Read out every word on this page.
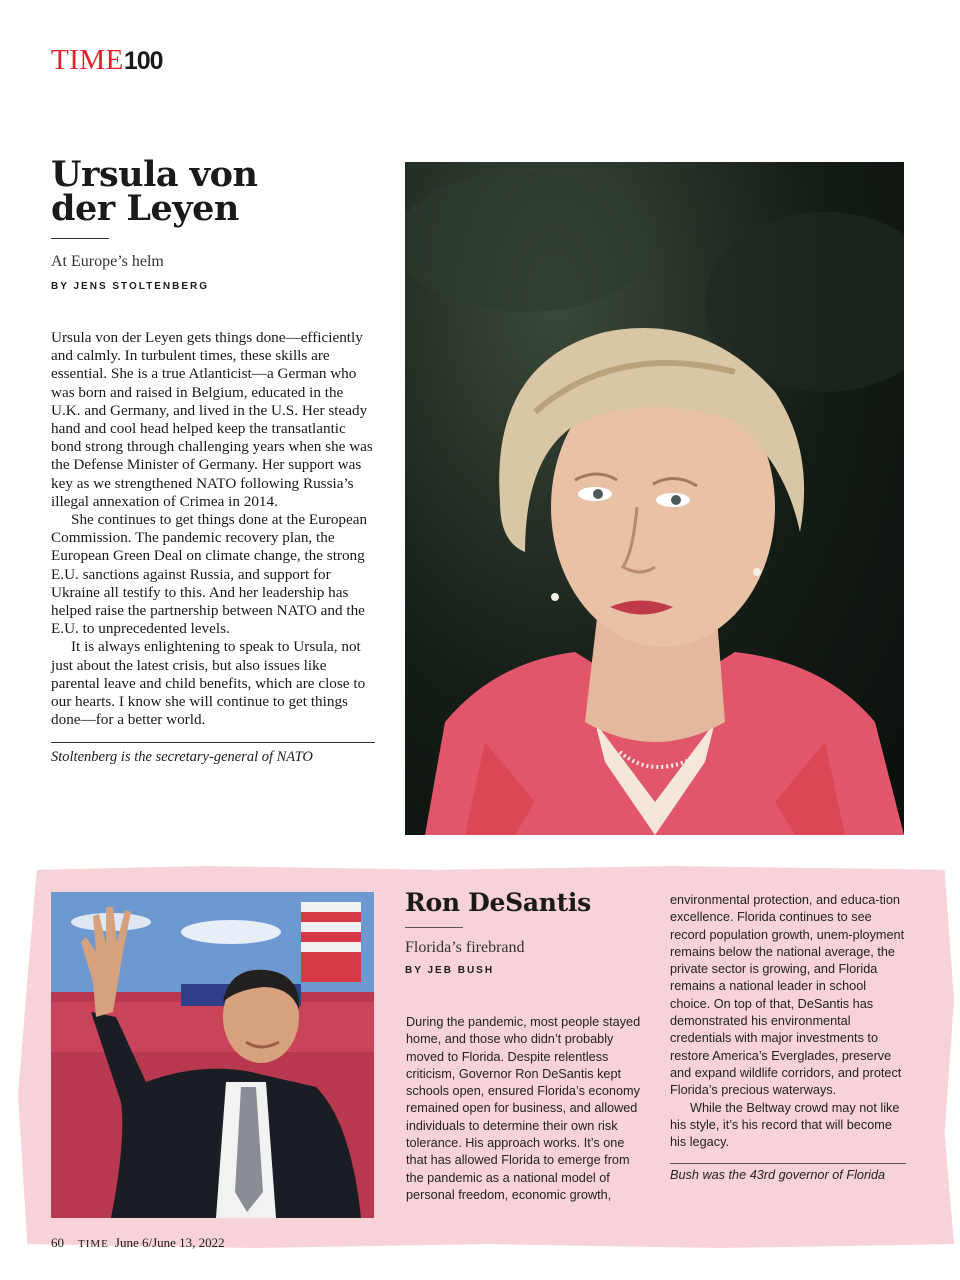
TIME 100
Ursula von
der Leyen
At Europe’s helm
BY JENS STOLTENBERG

Ursula von der Leyen gets things done—efficiently and calmly. In turbulent times, these skills are essential. She is a true Atlanticist—a German who was born and raised in Belgium, educated in the U.K. and Germany, and lived in the U.S. Her steady hand and cool head helped keep the transatlantic bond strong through challenging years when she was the Defense Minister of Germany. Her support was key as we strengthened NATO following Russia’s illegal annexation of Crimea in 2014.

She continues to get things done at the European Commission. The pandemic recovery plan, the European Green Deal on climate change, the strong E.U. sanctions against Russia, and support for Ukraine all testify to this. And her leadership has helped raise the partnership between NATO and the E.U. to unprecedented levels.

It is always enlightening to speak to Ursula, not just about the latest crisis, but also issues like parental leave and child benefits, which are close to our hearts. I know she will continue to get things done—for a better world.

Stoltenberg is the secretary-general of NATO
Ron DeSantis
Florida’s firebrand
BY JEB BUSH

During the pandemic, most people stayed home, and those who didn’t probably moved to Florida. Despite relentless criticism, Governor Ron DeSantis kept schools open, ensured Florida’s economy remained open for business, and allowed individuals to determine their own risk tolerance. His approach works. It’s one that has allowed Florida to emerge from the pandemic as a national model of personal freedom, economic growth,

environmental protection, and educa-tion excellence. Florida continues to see record population growth, unem-ployment remains below the national average, the private sector is growing, and Florida remains a national leader in school choice. On top of that, DeSantis has demonstrated his environmental credentials with major investments to restore America’s Everglades, preserve and expand wildlife corridors, and protect Florida’s precious waterways.

While the Beltway crowd may not like his style, it’s his record that will become his legacy.

Bush was the 43rd governor of Florida
60 TIME June 6/June 13, 2022
